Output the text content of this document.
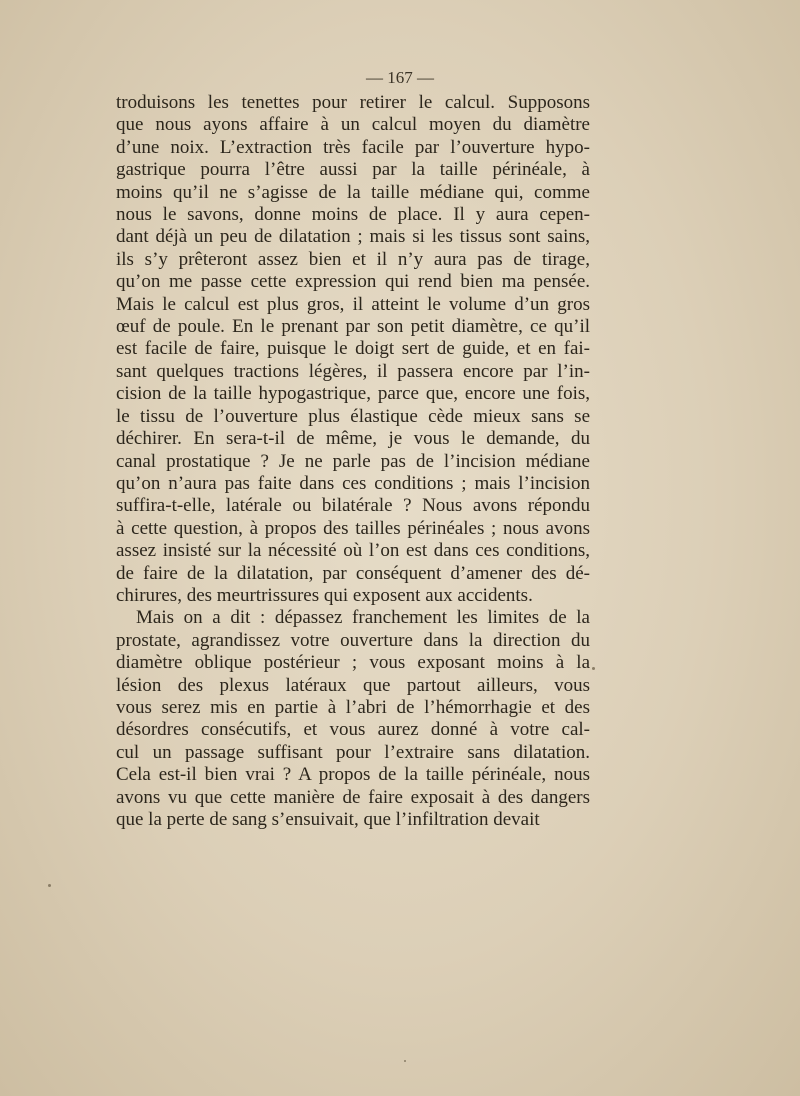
— 167 —
troduisons les tenettes pour retirer le calcul. Supposons
que nous ayons affaire à un calcul moyen du diamètre
d’une noix. L’extraction très facile par l’ouverture hypo-
gastrique pourra l’être aussi par la taille périnéale, à
moins qu’il ne s’agisse de la taille médiane qui, comme
nous le savons, donne moins de place. Il y aura cepen-
dant déjà un peu de dilatation ; mais si les tissus sont sains,
ils s’y prêteront assez bien et il n’y aura pas de tirage,
qu’on me passe cette expression qui rend bien ma pensée.
Mais le calcul est plus gros, il atteint le volume d’un gros
œuf de poule. En le prenant par son petit diamètre, ce qu’il
est facile de faire, puisque le doigt sert de guide, et en fai-
sant quelques tractions légères, il passera encore par l’in-
cision de la taille hypogastrique, parce que, encore une fois,
le tissu de l’ouverture plus élastique cède mieux sans se
déchirer. En sera-t-il de même, je vous le demande, du
canal prostatique ? Je ne parle pas de l’incision médiane
qu’on n’aura pas faite dans ces conditions ; mais l’incision
suffira-t-elle, latérale ou bilatérale ? Nous avons répondu
à cette question, à propos des tailles périnéales ; nous avons
assez insisté sur la nécessité où l’on est dans ces conditions,
de faire de la dilatation, par conséquent d’amener des dé-
chirures, des meurtrissures qui exposent aux accidents.
Mais on a dit : dépassez franchement les limites de la
prostate, agrandissez votre ouverture dans la direction du
diamètre oblique postérieur ; vous exposant moins à la
lésion des plexus latéraux que partout ailleurs, vous
vous serez mis en partie à l’abri de l’hémorrhagie et des
désordres consécutifs, et vous aurez donné à votre cal-
cul un passage suffisant pour l’extraire sans dilatation.
Cela est-il bien vrai ? A propos de la taille périnéale, nous
avons vu que cette manière de faire exposait à des dangers
que la perte de sang s’ensuivait, que l’infiltration devait
